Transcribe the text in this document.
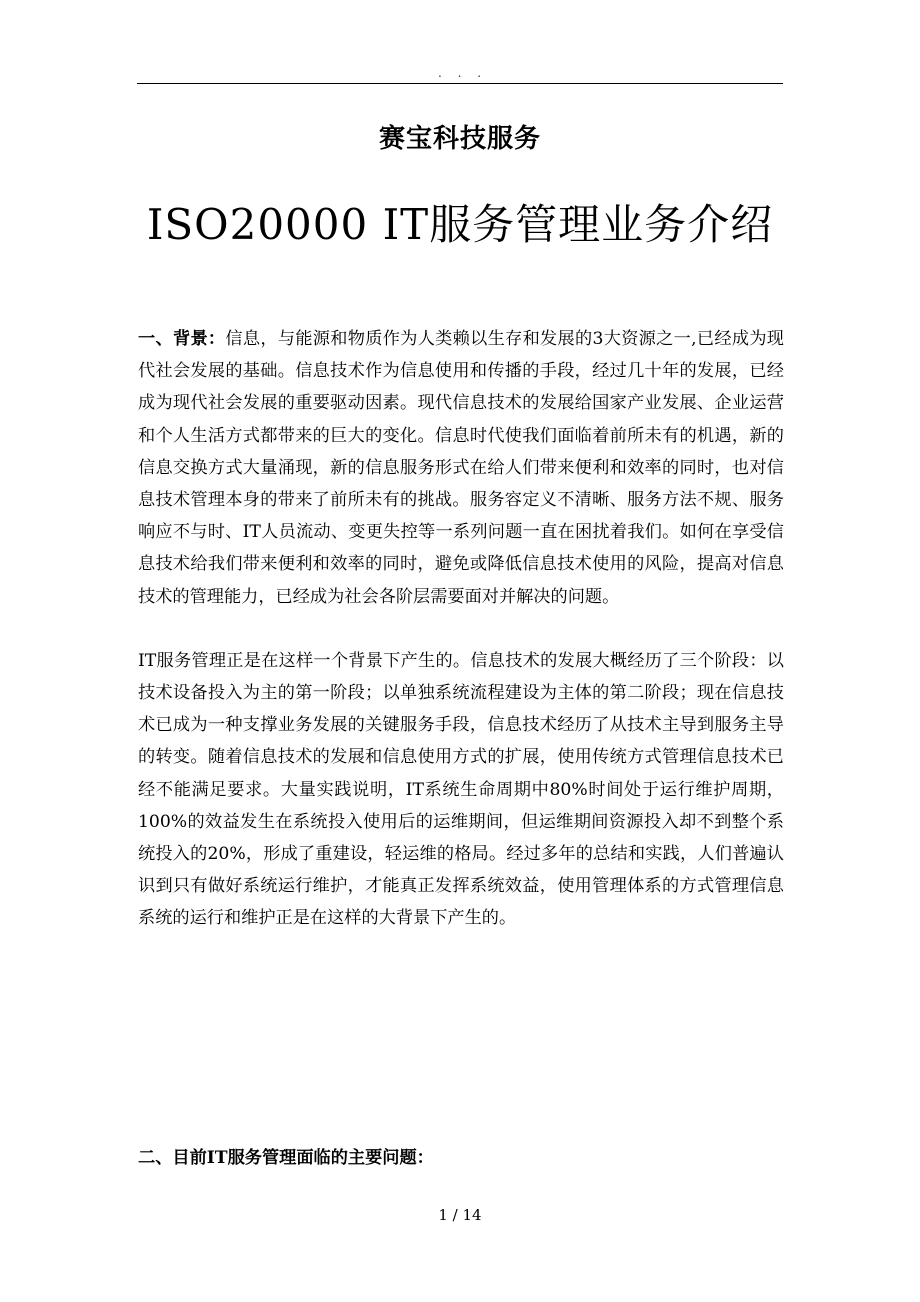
. . .
赛宝科技服务
ISO20000 IT服务管理业务介绍

一、背景：信息，与能源和物质作为人类赖以生存和发展的3大资源之一,已经成为现代社会发展的基础。信息技术作为信息使用和传播的手段，经过几十年的发展，已经成为现代社会发展的重要驱动因素。现代信息技术的发展给国家产业发展、企业运营和个人生活方式都带来的巨大的变化。信息时代使我们面临着前所未有的机遇，新的信息交换方式大量涌现，新的信息服务形式在给人们带来便利和效率的同时，也对信息技术管理本身的带来了前所未有的挑战。服务容定义不清晰、服务方法不规、服务响应不与时、IT人员流动、变更失控等一系列问题一直在困扰着我们。如何在享受信息技术给我们带来便利和效率的同时，避免或降低信息技术使用的风险，提高对信息技术的管理能力，已经成为社会各阶层需要面对并解决的问题。

IT服务管理正是在这样一个背景下产生的。信息技术的发展大概经历了三个阶段：以技术设备投入为主的第一阶段；以单独系统流程建设为主体的第二阶段；现在信息技术已成为一种支撑业务发展的关键服务手段，信息技术经历了从技术主导到服务主导的转变。随着信息技术的发展和信息使用方式的扩展，使用传统方式管理信息技术已经不能满足要求。大量实践说明，IT系统生命周期中80%时间处于运行维护周期，100%的效益发生在系统投入使用后的运维期间，但运维期间资源投入却不到整个系统投入的20%，形成了重建设，轻运维的格局。经过多年的总结和实践，人们普遍认识到只有做好系统运行维护，才能真正发挥系统效益，使用管理体系的方式管理信息系统的运行和维护正是在这样的大背景下产生的。

二、目前IT服务管理面临的主要问题：
1 / 14
